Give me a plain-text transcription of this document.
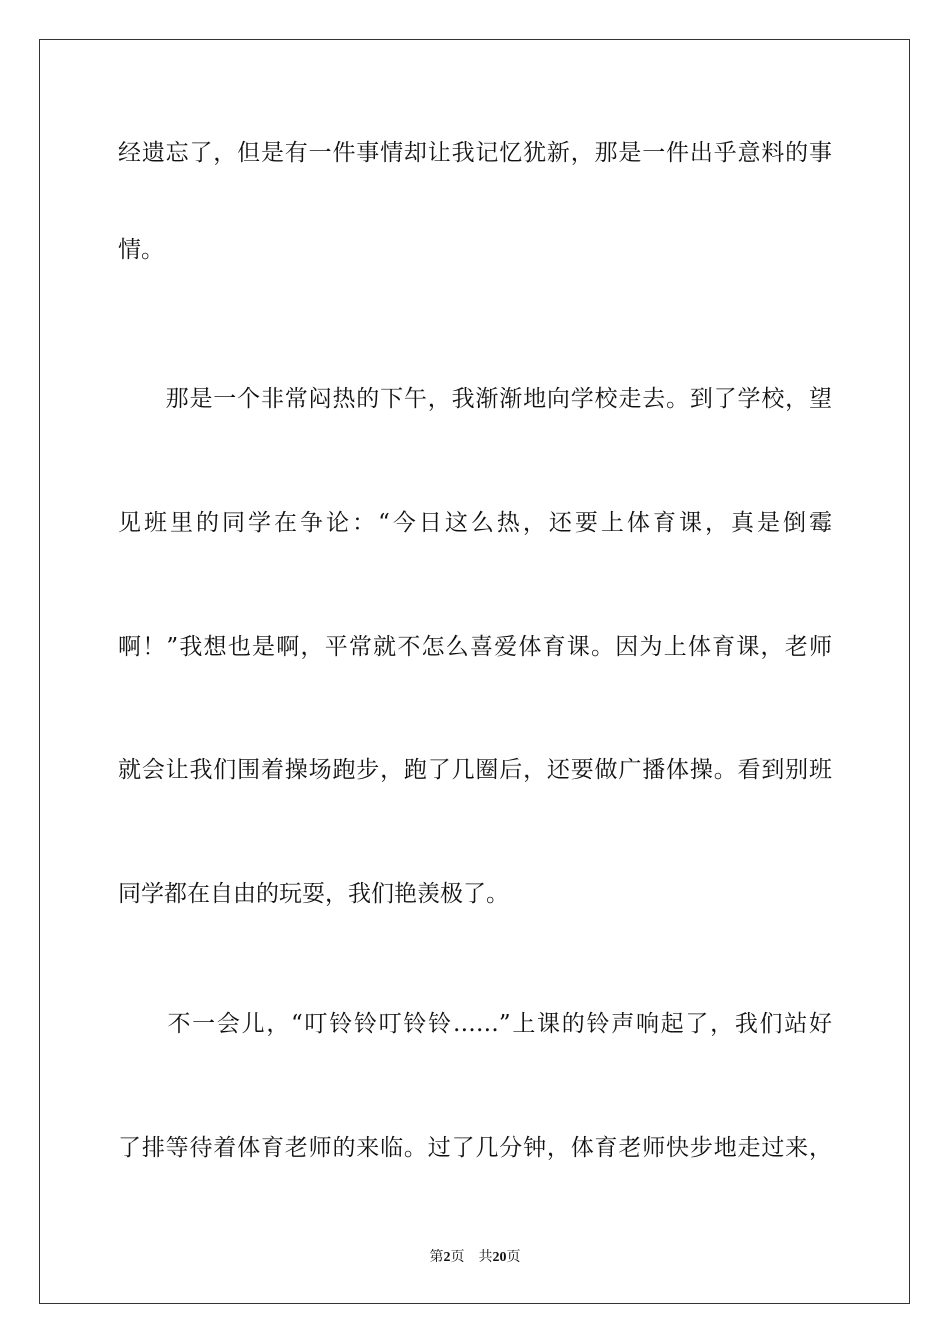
经遗忘了，但是有一件事情却让我记忆犹新，那是一件出乎意料的事
情。
　　那是一个非常闷热的下午，我渐渐地向学校走去。到了学校，望
见班里的同学在争论：“今日这么热，还要上体育课，真是倒霉
啊！”我想也是啊，平常就不怎么喜爱体育课。因为上体育课，老师
就会让我们围着操场跑步，跑了几圈后，还要做广播体操。看到别班
同学都在自由的玩耍，我们艳羡极了。
　　不一会儿，“叮铃铃叮铃铃……”上课的铃声响起了，我们站好
了排等待着体育老师的来临。过了几分钟，体育老师快步地走过来，
第2页 共20页
